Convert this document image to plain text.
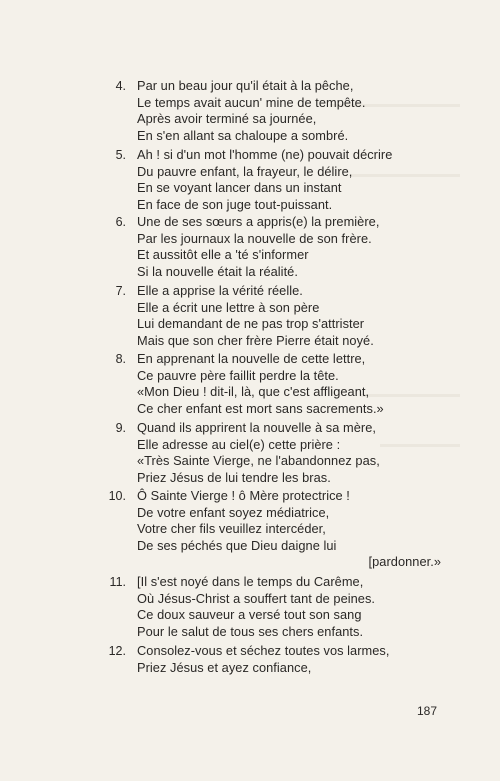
4. Par un beau jour qu'il était à la pêche,
Le temps avait aucun' mine de tempête.
Après avoir terminé sa journée,
En s'en allant sa chaloupe a sombré.
5. Ah ! si d'un mot l'homme (ne) pouvait décrire
Du pauvre enfant, la frayeur, le délire,
En se voyant lancer dans un instant
En face de son juge tout-puissant.
6. Une de ses sœurs a appris(e) la première,
Par les journaux la nouvelle de son frère.
Et aussitôt elle a 'té s'informer
Si la nouvelle était la réalité.
7. Elle a apprise la vérité réelle.
Elle a écrit une lettre à son père
Lui demandant de ne pas trop s'attrister
Mais que son cher frère Pierre était noyé.
8. En apprenant la nouvelle de cette lettre,
Ce pauvre père faillit perdre la tête.
«Mon Dieu ! dit-il, là, que c'est affligeant,
Ce cher enfant est mort sans sacrements.»
9. Quand ils apprirent la nouvelle à sa mère,
Elle adresse au ciel(e) cette prière :
«Très Sainte Vierge, ne l'abandonnez pas,
Priez Jésus de lui tendre les bras.
10. Ô Sainte Vierge ! ô Mère protectrice !
De votre enfant soyez médiatrice,
Votre cher fils veuillez intercéder,
De ses péchés que Dieu daigne lui
[pardonner.»
11. [Il s'est noyé dans le temps du Carême,
Où Jésus-Christ a souffert tant de peines.
Ce doux sauveur a versé tout son sang
Pour le salut de tous ses chers enfants.
12. Consolez-vous et séchez toutes vos larmes,
Priez Jésus et ayez confiance,
187
